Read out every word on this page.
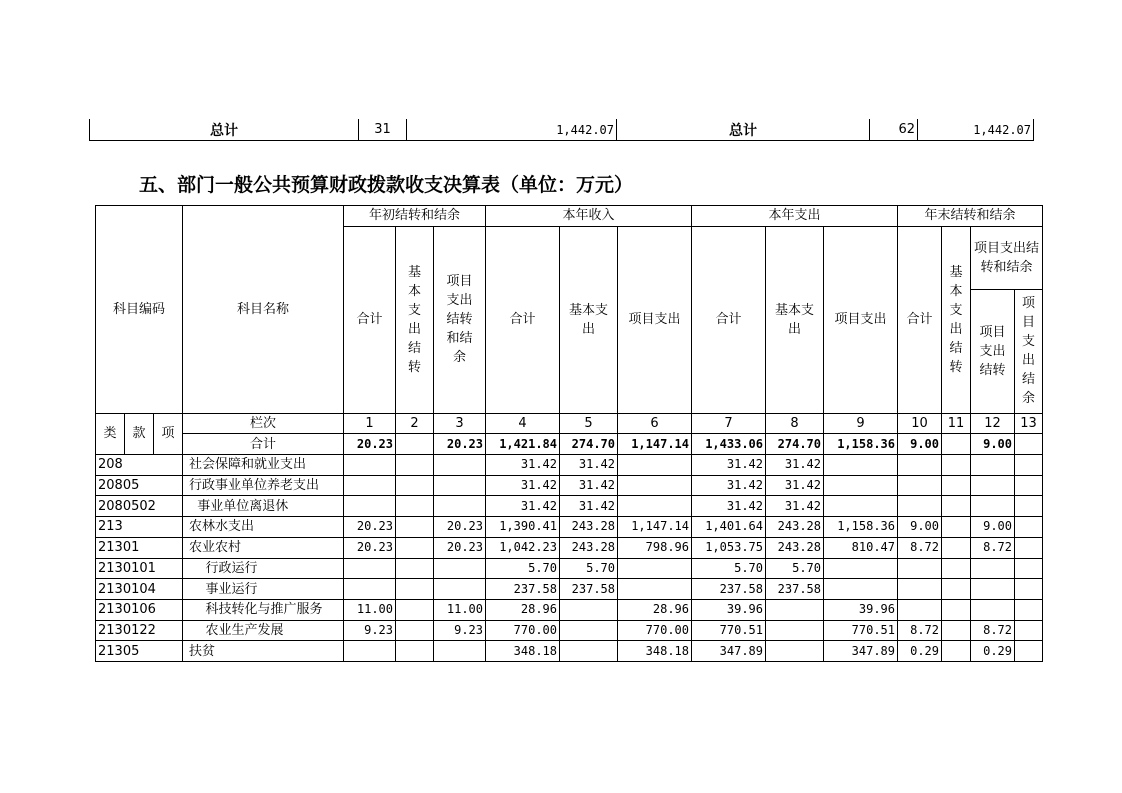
总计	31	1,442.07	总计	62	1,442.07
五、部门一般公共预算财政拨款收支决算表（单位：万元）
科目编码			科目名称	年初结转和结余			本年收入			本年支出			年末结转和结余			
				合计	基本支出结转	项目支出结转和结余	合计	基本支出	项目支出	合计	基本支出	项目支出	合计	基本支出结转	项目支出结转和结余	
															项目支出结转	项目支出结余
类	款	项	栏次	1	2	3	4	5	6	7	8	9	10	11	12	13
			合计	20.23		20.23	1,421.84	274.70	1,147.14	1,433.06	274.70	1,158.36	9.00		9.00	
208			社会保障和就业支出				31.42	31.42		31.42	31.42					
20805			行政事业单位养老支出				31.42	31.42		31.42	31.42					
2080502			事业单位离退休				31.42	31.42		31.42	31.42					
213			农林水支出	20.23		20.23	1,390.41	243.28	1,147.14	1,401.64	243.28	1,158.36	9.00		9.00	
21301			农业农村	20.23		20.23	1,042.23	243.28	798.96	1,053.75	243.28	810.47	8.72		8.72	
2130101			行政运行				5.70	5.70		5.70	5.70					
2130104			事业运行				237.58	237.58		237.58	237.58					
2130106			科技转化与推广服务	11.00		11.00	28.96		28.96	39.96		39.96				
2130122			农业生产发展	9.23		9.23	770.00		770.00	770.51		770.51	8.72		8.72	
21305			扶贫				348.18		348.18	347.89		347.89	0.29		0.29	
